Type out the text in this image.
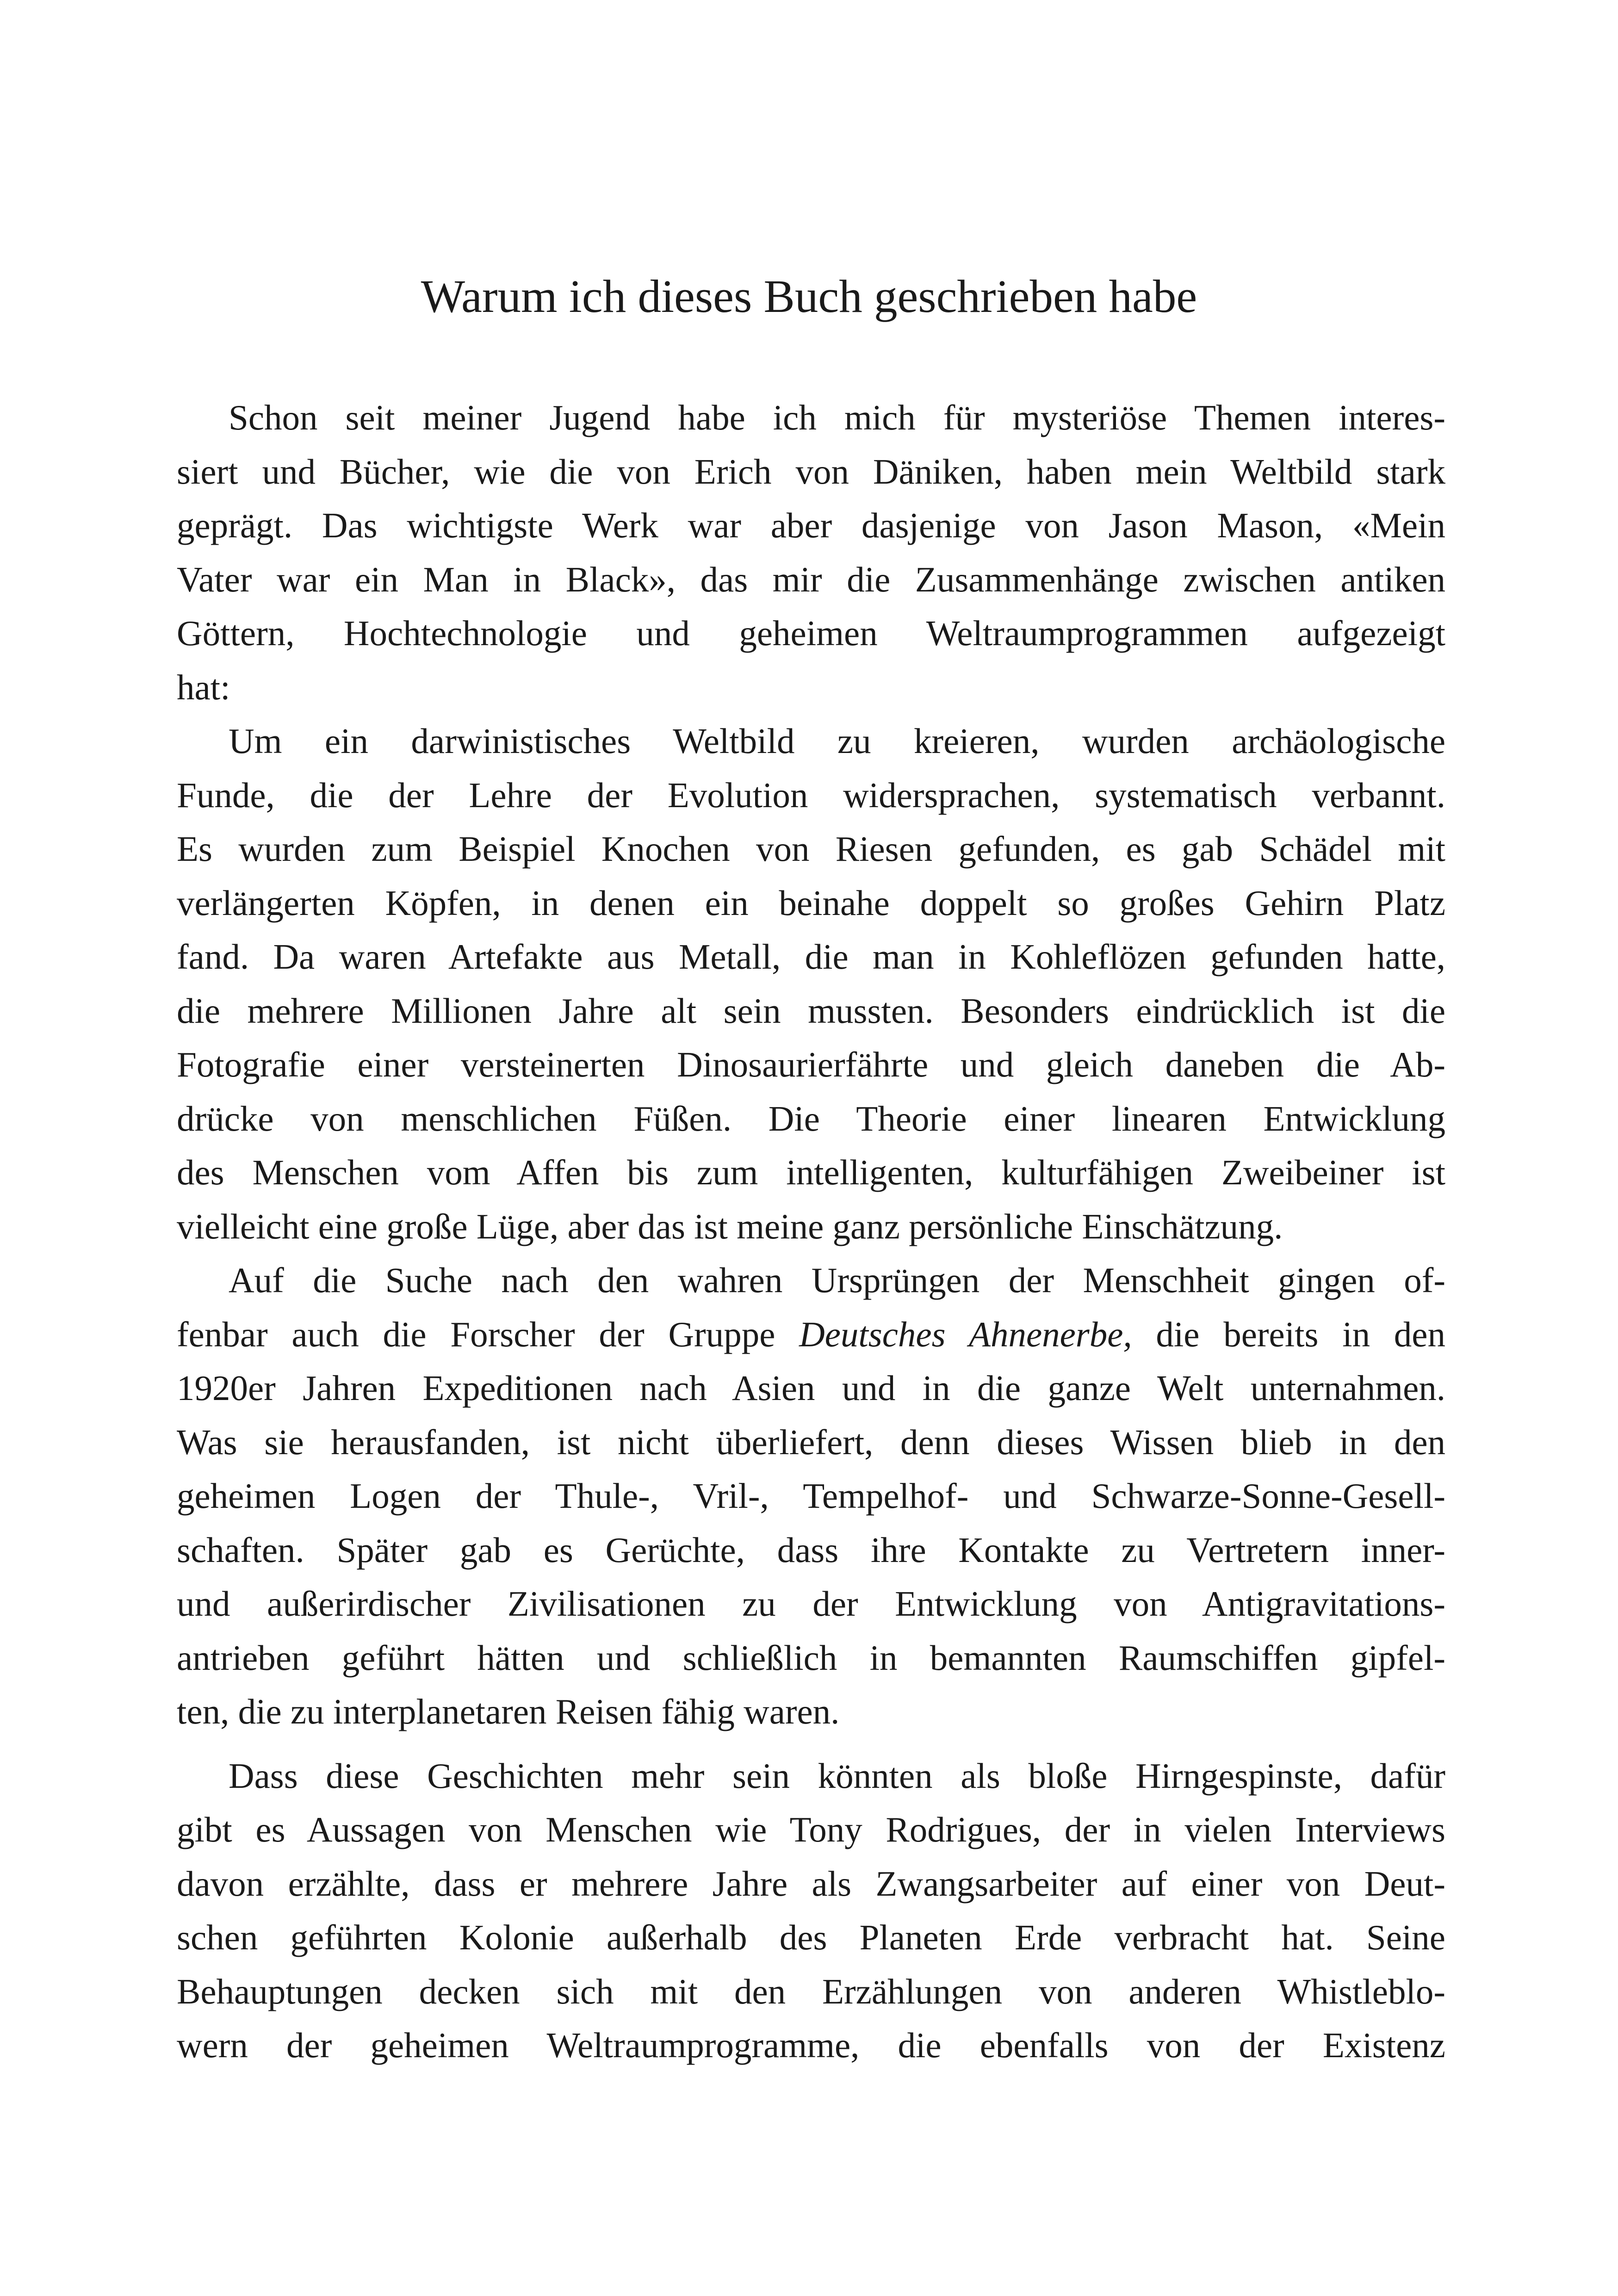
Warum ich dieses Buch geschrieben habe
Schon seit meiner Jugend habe ich mich für mysteriöse Themen interes-
siert und Bücher, wie die von Erich von Däniken, haben mein Weltbild stark
geprägt. Das wichtigste Werk war aber dasjenige von Jason Mason, «Mein
Vater war ein Man in Black», das mir die Zusammenhänge zwischen antiken
Göttern, Hochtechnologie und geheimen Weltraumprogrammen aufgezeigt
hat:
Um ein darwinistisches Weltbild zu kreieren, wurden archäologische
Funde, die der Lehre der Evolution widersprachen, systematisch verbannt.
Es wurden zum Beispiel Knochen von Riesen gefunden, es gab Schädel mit
verlängerten Köpfen, in denen ein beinahe doppelt so großes Gehirn Platz
fand. Da waren Artefakte aus Metall, die man in Kohleflözen gefunden hatte,
die mehrere Millionen Jahre alt sein mussten. Besonders eindrücklich ist die
Fotografie einer versteinerten Dinosaurierfährte und gleich daneben die Ab-
drücke von menschlichen Füßen. Die Theorie einer linearen Entwicklung
des Menschen vom Affen bis zum intelligenten, kulturfähigen Zweibeiner ist
vielleicht eine große Lüge, aber das ist meine ganz persönliche Einschätzung.
Auf die Suche nach den wahren Ursprüngen der Menschheit gingen of-
fenbar auch die Forscher der Gruppe Deutsches Ahnenerbe, die bereits in den
1920er Jahren Expeditionen nach Asien und in die ganze Welt unternahmen.
Was sie herausfanden, ist nicht überliefert, denn dieses Wissen blieb in den
geheimen Logen der Thule-, Vril-, Tempelhof- und Schwarze-Sonne-Gesell-
schaften. Später gab es Gerüchte, dass ihre Kontakte zu Vertretern inner-
und außerirdischer Zivilisationen zu der Entwicklung von Antigravitations-
antrieben geführt hätten und schließlich in bemannten Raumschiffen gipfel-
ten, die zu interplanetaren Reisen fähig waren.
Dass diese Geschichten mehr sein könnten als bloße Hirngespinste, dafür
gibt es Aussagen von Menschen wie Tony Rodrigues, der in vielen Interviews
davon erzählte, dass er mehrere Jahre als Zwangsarbeiter auf einer von Deut-
schen geführten Kolonie außerhalb des Planeten Erde verbracht hat. Seine
Behauptungen decken sich mit den Erzählungen von anderen Whistleblo-
wern der geheimen Weltraumprogramme, die ebenfalls von der Existenz
